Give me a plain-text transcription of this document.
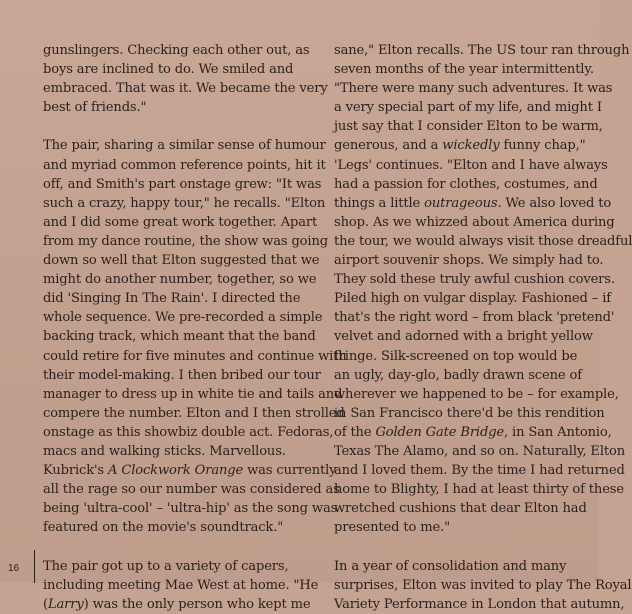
gunslingers. Checking each other out, as
boys are inclined to do. We smiled and
embraced. That was it. We became the very
best of friends."
The pair, sharing a similar sense of humour
and myriad common reference points, hit it
off, and Smith's part onstage grew: "It was
such a crazy, happy tour," he recalls. "Elton
and I did some great work together. Apart
from my dance routine, the show was going
down so well that Elton suggested that we
might do another number, together, so we
did 'Singing In The Rain'. I directed the
whole sequence. We pre-recorded a simple
backing track, which meant that the band
could retire for five minutes and continue with
their model-making. I then bribed our tour
manager to dress up in white tie and tails and
compere the number. Elton and I then strolled
onstage as this showbiz double act. Fedoras,
macs and walking sticks. Marvellous.
Kubrick's A Clockwork Orange was currently
all the rage so our number was considered as
being 'ultra-cool' – 'ultra-hip' as the song was
featured on the movie's soundtrack."
The pair got up to a variety of capers,
including meeting Mae West at home. "He
(Larry) was the only person who kept me
sane," Elton recalls. The US tour ran through
seven months of the year intermittently.
"There were many such adventures. It was
a very special part of my life, and might I
just say that I consider Elton to be warm,
generous, and a wickedly funny chap,"
'Legs' continues. "Elton and I have always
had a passion for clothes, costumes, and
things a little outrageous. We also loved to
shop. As we whizzed about America during
the tour, we would always visit those dreadful
airport souvenir shops. We simply had to.
They sold these truly awful cushion covers.
Piled high on vulgar display. Fashioned – if
that's the right word – from black 'pretend'
velvet and adorned with a bright yellow
fringe. Silk-screened on top would be
an ugly, day-glo, badly drawn scene of
wherever we happened to be – for example,
in San Francisco there'd be this rendition
of the Golden Gate Bridge, in San Antonio,
Texas The Alamo, and so on. Naturally, Elton
and I loved them. By the time I had returned
home to Blighty, I had at least thirty of these
wretched cushions that dear Elton had
presented to me."
In a year of consolidation and many
surprises, Elton was invited to play The Royal
Variety Performance in London that autumn,
16
